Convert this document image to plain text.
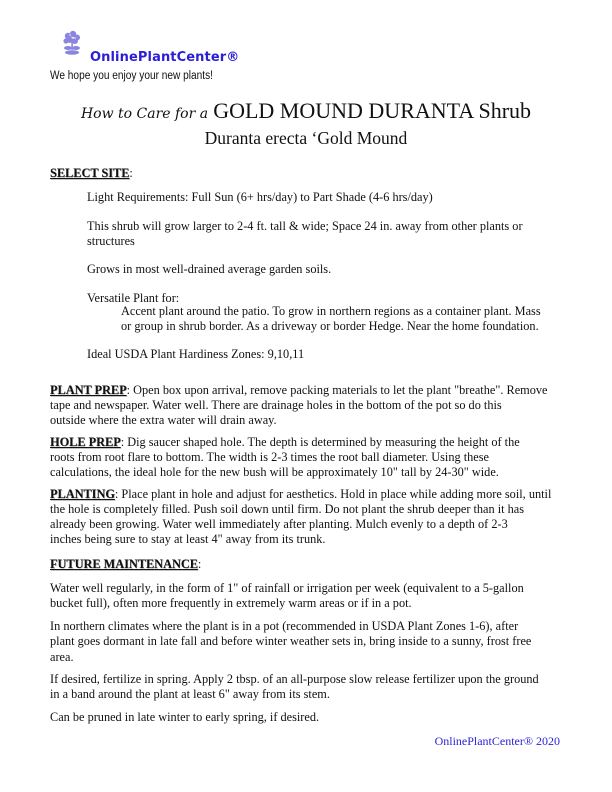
OnlinePlantCenter®
We hope you enjoy your new plants!
How to Care for a GOLD MOUND DURANTA Shrub
Duranta erecta ‘Gold Mound
SELECT SITE:
Light Requirements: Full Sun (6+ hrs/day) to Part Shade (4-6 hrs/day)
This shrub will grow larger to 2-4 ft. tall & wide; Space 24 in. away from other plants or
structures
Grows in most well-drained average garden soils.
Versatile Plant for:
Accent plant around the patio. To grow in northern regions as a container plant. Mass
or group in shrub border. As a driveway or border Hedge. Near the home foundation.
Ideal USDA Plant Hardiness Zones: 9,10,11
PLANT PREP: Open box upon arrival, remove packing materials to let the plant "breathe". Remove
tape and newspaper. Water well. There are drainage holes in the bottom of the pot so do this
outside where the extra water will drain away.
HOLE PREP: Dig saucer shaped hole. The depth is determined by measuring the height of the
roots from root flare to bottom. The width is 2-3 times the root ball diameter. Using these
calculations, the ideal hole for the new bush will be approximately 10" tall by 24-30" wide.
PLANTING: Place plant in hole and adjust for aesthetics. Hold in place while adding more soil, until
the hole is completely filled. Push soil down until firm. Do not plant the shrub deeper than it has
already been growing. Water well immediately after planting. Mulch evenly to a depth of 2-3
inches being sure to stay at least 4" away from its trunk.
FUTURE MAINTENANCE:
Water well regularly, in the form of 1" of rainfall or irrigation per week (equivalent to a 5-gallon
bucket full), often more frequently in extremely warm areas or if in a pot.
In northern climates where the plant is in a pot (recommended in USDA Plant Zones 1-6), after
plant goes dormant in late fall and before winter weather sets in, bring inside to a sunny, frost free
area.
If desired, fertilize in spring. Apply 2 tbsp. of an all-purpose slow release fertilizer upon the ground
in a band around the plant at least 6" away from its stem.
Can be pruned in late winter to early spring, if desired.
OnlinePlantCenter® 2020
